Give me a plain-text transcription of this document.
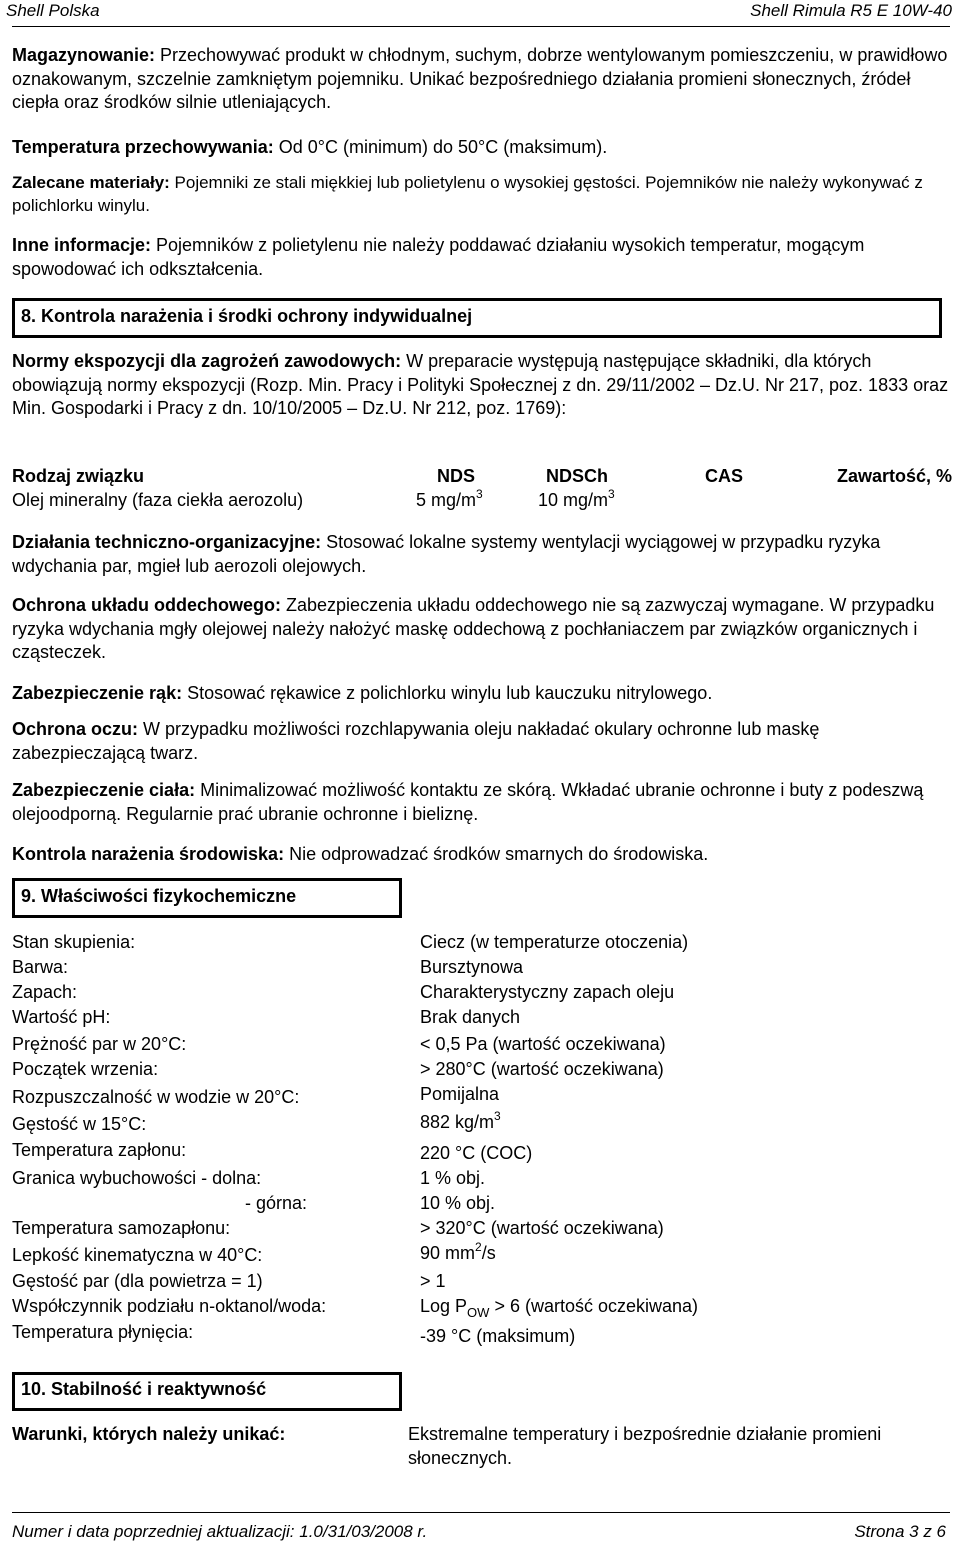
Shell Polska	Shell Rimula R5 E 10W-40
Magazynowanie: Przechowywać produkt w chłodnym, suchym, dobrze wentylowanym pomieszczeniu, w prawidłowo oznakowanym, szczelnie zamkniętym pojemniku. Unikać bezpośredniego działania promieni słonecznych, źródeł ciepła oraz środków silnie utleniających.
Temperatura przechowywania: Od 0°C (minimum) do 50°C (maksimum).
Zalecane materiały: Pojemniki ze stali miękkiej lub polietylenu o wysokiej gęstości. Pojemników nie należy wykonywać z polichlorku winylu.
Inne informacje: Pojemników z polietylenu nie należy poddawać działaniu wysokich temperatur, mogącym spowodować ich odkształcenia.
8. Kontrola narażenia i środki ochrony indywidualnej
Normy ekspozycji dla zagrożeń zawodowych: W preparacie występują następujące składniki, dla których obowiązują normy ekspozycji (Rozp. Min. Pracy i Polityki Społecznej z dn. 29/11/2002 – Dz.U. Nr 217, poz. 1833 oraz Min. Gospodarki i Pracy z dn. 10/10/2005 – Dz.U. Nr 212, poz. 1769):
Rodzaj związku	NDS	NDSCh	CAS	Zawartość, %
Olej mineralny (faza ciekła aerozolu)	5 $mg/m^3$	10 $mg/m^3$
Działania techniczno-organizacyjne: Stosować lokalne systemy wentylacji wyciągowej w przypadku ryzyka wdychania par, mgieł lub aerozoli olejowych.
Ochrona układu oddechowego: Zabezpieczenia układu oddechowego nie są zazwyczaj wymagane. W przypadku ryzyka wdychania mgły olejowej należy nałożyć maskę oddechową z pochłaniaczem par związków organicznych i cząsteczek.
Zabezpieczenie rąk: Stosować rękawice z polichlorku winylu lub kauczuku nitrylowego.
Ochrona oczu: W przypadku możliwości rozchlapywania oleju nakładać okulary ochronne lub maskę zabezpieczającą twarz.
Zabezpieczenie ciała: Minimalizować możliwość kontaktu ze skórą. Wkładać ubranie ochronne i buty z podeszwą olejoodporną. Regularnie prać ubranie ochronne i bieliznę.
Kontrola narażenia środowiska: Nie odprowadzać środków smarnych do środowiska.
9. Właściwości fizykochemiczne
Stan skupienia:	Ciecz (w temperaturze otoczenia)
Barwa:	Bursztynowa
Zapach:	Charakterystyczny zapach oleju
Wartość pH:	Brak danych
Prężność par w 20°C:	< 0,5 Pa (wartość oczekiwana)
Początek wrzenia:	> 280°C (wartość oczekiwana)
Rozpuszczalność w wodzie w 20°C:	Pomijalna
Gęstość w 15°C:	882 $kg/m^3$
Temperatura zapłonu:	220 °C (COC)
Granica wybuchowości - dolna:	1 % obj.
- górna:	10 % obj.
Temperatura samozapłonu:	> 320°C (wartość oczekiwana)
Lepkość kinematyczna w 40°C:	90 $mm^2/s$
Gęstość par (dla powietrza = 1)	> 1
Współczynnik podziału n-oktanol/woda:	Log $P_{OW} > 6$ (wartość oczekiwana)
Temperatura płynięcia:	-39 °C (maksimum)
10. Stabilność i reaktywność
Warunki, których należy unikać:	Ekstremalne temperatury i bezpośrednie działanie promieni słonecznych.
Numer i data poprzedniej aktualizacji: 1.0/31/03/2008 r.	Strona 3 z 6
